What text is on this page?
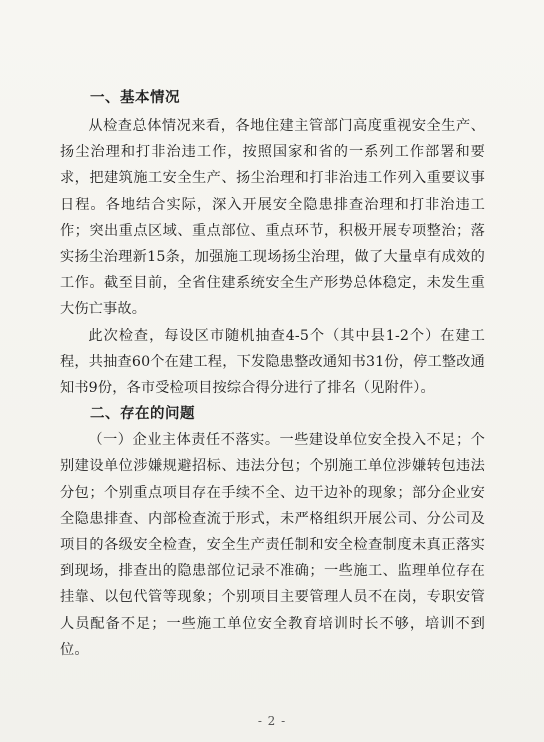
一、基本情况

从检查总体情况来看，各地住建主管部门高度重视安全生产、扬尘治理和打非治违工作，按照国家和省的一系列工作部署和要求，把建筑施工安全生产、扬尘治理和打非治违工作列入重要议事日程。各地结合实际，深入开展安全隐患排查治理和打非治违工作；突出重点区域、重点部位、重点环节，积极开展专项整治；落实扬尘治理新15条，加强施工现场扬尘治理，做了大量卓有成效的工作。截至目前，全省住建系统安全生产形势总体稳定，未发生重大伤亡事故。

此次检查，每设区市随机抽查4-5个（其中县1-2个）在建工程，共抽查60个在建工程，下发隐患整改通知书31份，停工整改通知书9份，各市受检项目按综合得分进行了排名（见附件）。

二、存在的问题

（一）企业主体责任不落实。一些建设单位安全投入不足；个别建设单位涉嫌规避招标、违法分包；个别施工单位涉嫌转包违法分包；个别重点项目存在手续不全、边干边补的现象；部分企业安全隐患排查、内部检查流于形式，未严格组织开展公司、分公司及项目的各级安全检查，安全生产责任制和安全检查制度未真正落实到现场，排查出的隐患部位记录不准确；一些施工、监理单位存在挂靠、以包代管等现象；个别项目主要管理人员不在岗，专职安管人员配备不足；一些施工单位安全教育培训时长不够，培训不到位。

- 2 -
